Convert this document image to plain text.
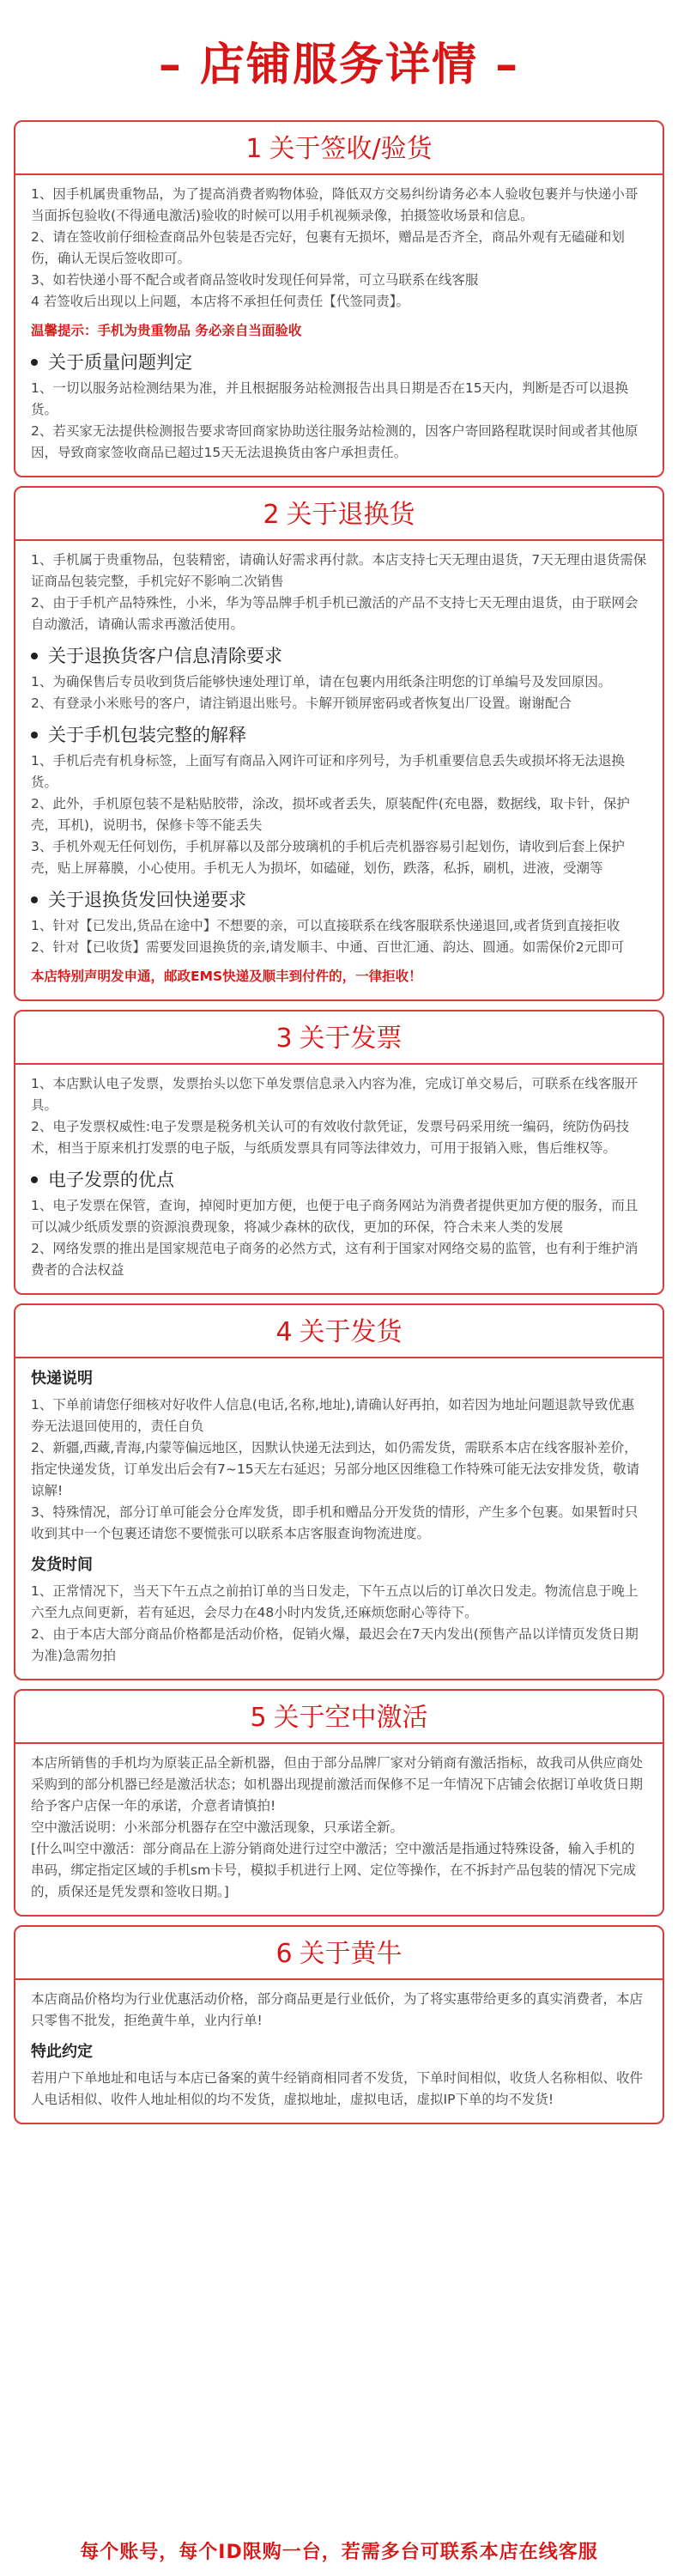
– 店铺服务详情 –
1 关于签收/验货
1、因手机属贵重物品，为了提高消费者购物体验，降低双方交易纠纷请务必本人验收包裹并与快递小哥当面拆包验收(不得通电激活)验收的时候可以用手机视频录像，拍摄签收场景和信息。
2、请在签收前仔细检查商品外包装是否完好，包裹有无损坏，赠品是否齐全，商品外观有无磕碰和划伤，确认无误后签收即可。
3、如若快递小哥不配合或者商品签收时发现任何异常，可立马联系在线客服
4 若签收后出现以上问题，本店将不承担任何责任【代签同责】。
温馨提示：手机为贵重物品 务必亲自当面验收
关于质量问题判定
1、一切以服务站检测结果为准，并且根据服务站检测报告出具日期是否在15天内，判断是否可以退换货。
2、若买家无法提供检测报告要求寄回商家协助送往服务站检测的，因客户寄回路程耽误时间或者其他原因，导致商家签收商品已超过15天无法退换货由客户承担责任。
2 关于退换货
1、手机属于贵重物品，包装精密，请确认好需求再付款。本店支持七天无理由退货，7天无理由退货需保证商品包装完整，手机完好不影响二次销售
2、由于手机产品特殊性，小米，华为等品牌手机手机已激活的产品不支持七天无理由退货，由于联网会自动激活，请确认需求再激活使用。
关于退换货客户信息清除要求
1、为确保售后专员收到货后能够快速处理订单，请在包裹内用纸条注明您的订单编号及发回原因。
2、有登录小米账号的客户，请注销退出账号。卡解开锁屏密码或者恢复出厂设置。谢谢配合
关于手机包装完整的解释
1、手机后壳有机身标签，上面写有商品入网许可证和序列号，为手机重要信息丢失或损坏将无法退换货。
2、此外，手机原包装不是粘贴胶带，涂改，损坏或者丢失，原装配件(充电器，数据线，取卡针，保护壳，耳机)，说明书，保修卡等不能丢失
3、手机外观无任何划伤，手机屏幕以及部分玻璃机的手机后壳机器容易引起划伤，请收到后套上保护壳，贴上屏幕膜，小心使用。手机无人为损坏，如磕碰，划伤，跌落，私拆，刷机，进液，受潮等
关于退换货发回快递要求
1、针对【已发出,货品在途中】不想要的亲，可以直接联系在线客服联系快递退回,或者货到直接拒收
2、针对【已收货】需要发回退换货的亲,请发顺丰、中通、百世汇通、韵达、圆通。如需保价2元即可
本店特别声明发申通，邮政EMS快递及顺丰到付件的，一律拒收！
3 关于发票
1、本店默认电子发票，发票抬头以您下单发票信息录入内容为准，完成订单交易后，可联系在线客服开具。
2、电子发票权威性:电子发票是税务机关认可的有效收付款凭证，发票号码采用统一编码，统防伪码技术，相当于原来机打发票的电子版，与纸质发票具有同等法律效力，可用于报销入账，售后维权等。
电子发票的优点
1、电子发票在保管，查询，掉阅时更加方便，也便于电子商务网站为消费者提供更加方便的服务，而且可以减少纸质发票的资源浪费现象，将减少森林的砍伐，更加的环保，符合未来人类的发展
2、网络发票的推出是国家规范电子商务的必然方式，这有利于国家对网络交易的监管，也有利于维护消费者的合法权益
4 关于发货
快递说明
1、下单前请您仔细核对好收件人信息(电话,名称,地址),请确认好再拍，如若因为地址问题退款导致优惠券无法退回使用的，责任自负
2、新疆,西藏,青海,内蒙等偏远地区，因默认快递无法到达，如仍需发货，需联系本店在线客服补差价，指定快递发货，订单发出后会有7~15天左右延迟；另部分地区因维稳工作特殊可能无法安排发货，敬请谅解!
3、特殊情况，部分订单可能会分仓库发货，即手机和赠品分开发货的情形，产生多个包裹。如果暂时只收到其中一个包裹还请您不要慌张可以联系本店客服查询物流进度。
发货时间
1、正常情况下，当天下午五点之前拍订单的当日发走，下午五点以后的订单次日发走。物流信息于晚上六至九点间更新，若有延迟，会尽力在48小时内发货,还麻烦您耐心等待下。
2、由于本店大部分商品价格都是活动价格，促销火爆，最迟会在7天内发出(预售产品以详情页发货日期为准)急需勿拍
5 关于空中激活
本店所销售的手机均为原装正品全新机器，但由于部分品牌厂家对分销商有激活指标，故我司从供应商处采购到的部分机器已经是激活状态；如机器出现提前激活而保修不足一年情况下店铺会依据订单收货日期给予客户店保一年的承诺，介意者请慎拍!
空中激活说明：小米部分机器存在空中激活现象，只承诺全新。
[什么叫空中激活：部分商品在上游分销商处进行过空中激活；空中激活是指通过特殊设备，输入手机的串码，绑定指定区域的手机sm卡号，模拟手机进行上网、定位等操作，在不拆封产品包装的情况下完成的，质保还是凭发票和签收日期。]
6 关于黄牛
本店商品价格均为行业优惠活动价格，部分商品更是行业低价，为了将实惠带给更多的真实消费者，本店只零售不批发，拒绝黄牛单，业内行单!
特此约定
若用户下单地址和电话与本店已备案的黄牛经销商相同者不发货，下单时间相似，收货人名称相似、收件人电话相似、收件人地址相似的均不发货，虚拟地址，虚拟电话，虚拟IP下单的均不发货!
每个账号，每个ID限购一台，若需多台可联系本店在线客服
